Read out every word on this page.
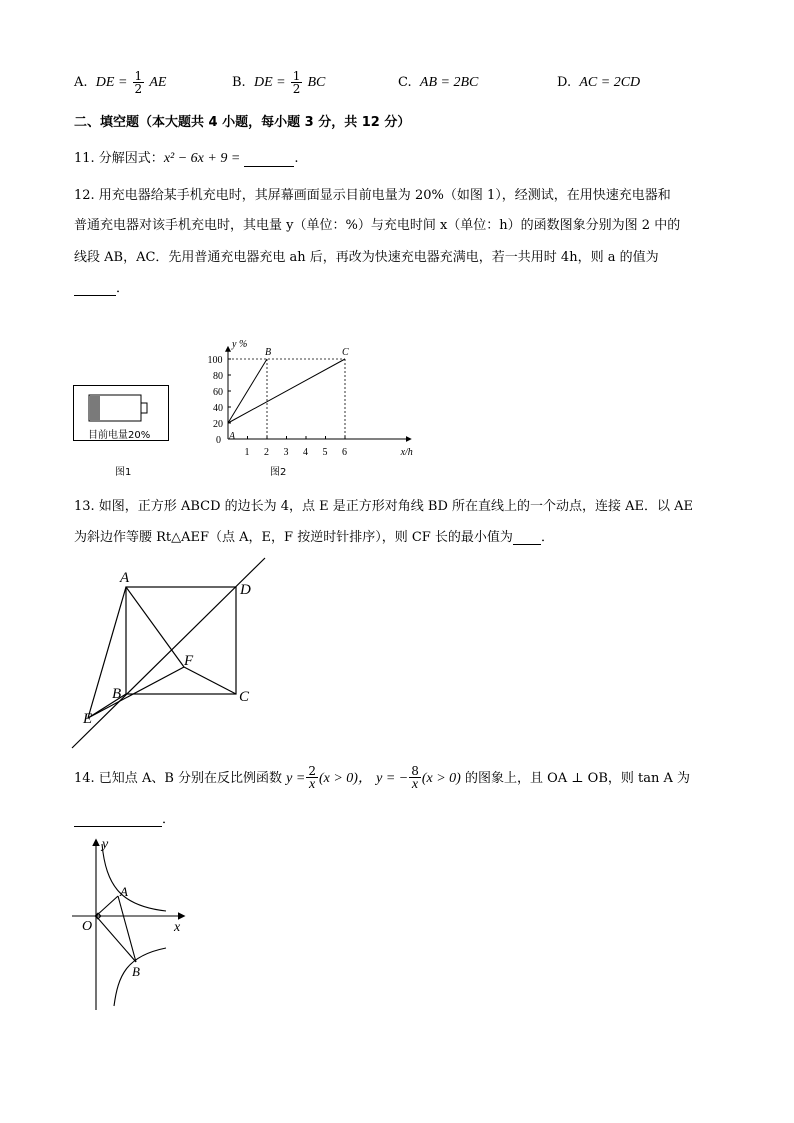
A. DE = $\frac{1}{2}$ AE	B. DE = $\frac{1}{2}$ BC	C. AB = 2BC	D. AC = 2CD
二、填空题（本大题共 4 小题，每小题 3 分，共 12 分）
11. 分解因式：x² − 6x + 9 =	.
12. 用充电器给某手机充电时，其屏幕画面显示目前电量为 20%（如图 1），经测试，在用快速充电器和
普通充电器对该手机充电时，其电量 y（单位：%）与充电时间 x（单位：h）的函数图象分别为图 2 中的
线段 AB，AC．先用普通充电器充电 ah 后，再改为快速充电器充满电，若一共用时 4h，则 a 的值为
．
目前电量20%
图1
y %
x/h
0
1 2 3 4 5 6
20
40
60
80
100
A
B	C
图2
13. 如图，正方形 ABCD 的边长为 4，点 E 是正方形对角线 BD 所在直线上的一个动点，连接 AE．以 AE
为斜边作等腰 Rt△AEF（点 A，E，F 按逆时针排序），则 CF 长的最小值为 ．
A
D
B	C
F
E
14. 已知点 A、B 分别在反比例函数 $y = \frac{2}{x} (x > 0)$， y = − $\frac{8}{x} (x > 0)$ 的图象上，且 OA ⊥ OB，则 tan A 为
．
y
x
O
A
B
